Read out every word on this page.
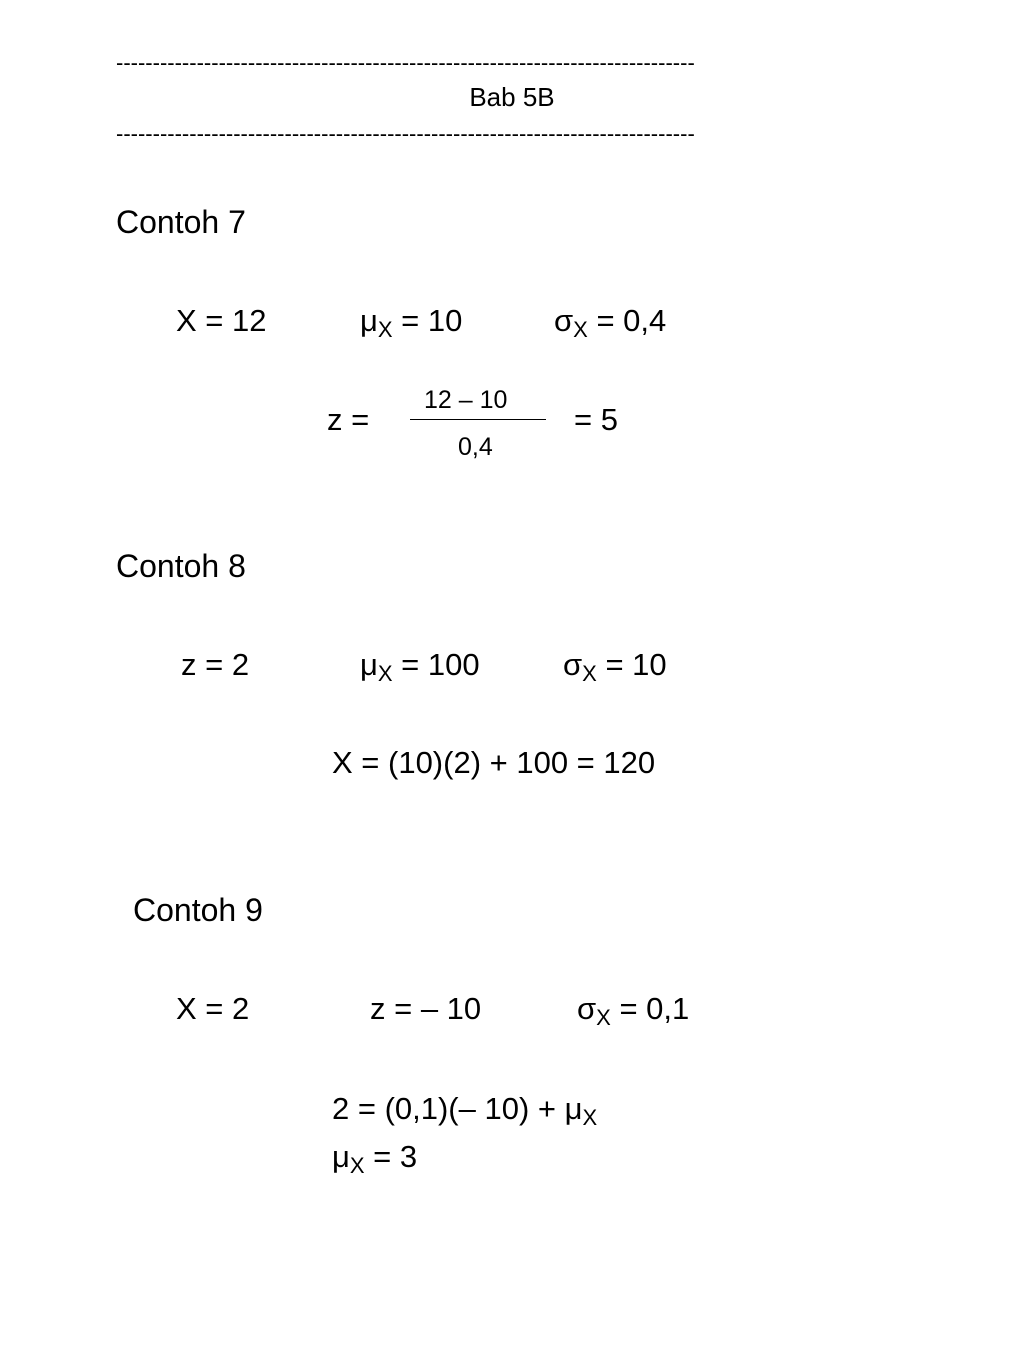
-------------------------------------------------------------------------------
Bab 5B
-------------------------------------------------------------------------------
Contoh 7
X = 12	$\mu_X = 10$	$\sigma_X = 0,4$
z =
12 – 10
0,4
= 5
Contoh 8
z = 2	$\mu_X = 100$	$\sigma_X = 10$
X = (10)(2) + 100 = 120
Contoh 9
X = 2	z = – 10	$\sigma_X = 0,1$
2 = (0,1)(– $10) + \mu_X$
$\mu_X = 3$
